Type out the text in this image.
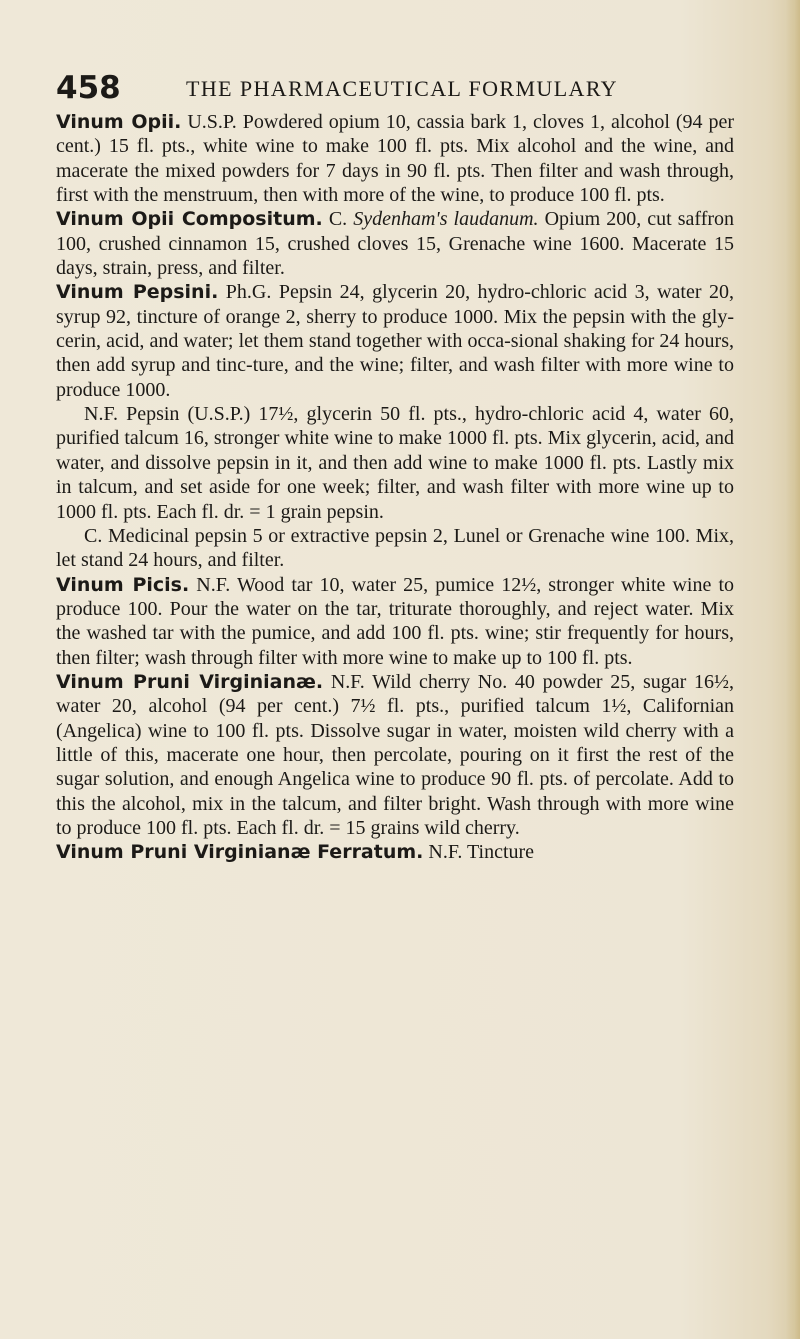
458	THE PHARMACEUTICAL FORMULARY

Vinum Opii. U.S.P. Powdered opium 10, cassia bark 1, cloves 1, alcohol (94 per cent.) 15 fl. pts., white wine to make 100 fl. pts. Mix alcohol and the wine, and macerate the mixed powders for 7 days in 90 fl. pts. Then filter and wash through, first with the menstruum, then with more of the wine, to produce 100 fl. pts.

Vinum Opii Compositum. C. Sydenham's laudanum. Opium 200, cut saffron 100, crushed cinnamon 15, crushed cloves 15, Grenache wine 1600. Macerate 15 days, strain, press, and filter.

Vinum Pepsini. Ph.G. Pepsin 24, glycerin 20, hydro-chloric acid 3, water 20, syrup 92, tincture of orange 2, sherry to produce 1000. Mix the pepsin with the gly-cerin, acid, and water; let them stand together with occa-sional shaking for 24 hours, then add syrup and tinc-ture, and the wine; filter, and wash filter with more wine to produce 1000.

N.F. Pepsin (U.S.P.) 17½, glycerin 50 fl. pts., hydro-chloric acid 4, water 60, purified talcum 16, stronger white wine to make 1000 fl. pts. Mix glycerin, acid, and water, and dissolve pepsin in it, and then add wine to make 1000 fl. pts. Lastly mix in talcum, and set aside for one week; filter, and wash filter with more wine up to 1000 fl. pts. Each fl. dr. = 1 grain pepsin.

C. Medicinal pepsin 5 or extractive pepsin 2, Lunel or Grenache wine 100. Mix, let stand 24 hours, and filter.

Vinum Picis. N.F. Wood tar 10, water 25, pumice 12½, stronger white wine to produce 100. Pour the water on the tar, triturate thoroughly, and reject water. Mix the washed tar with the pumice, and add 100 fl. pts. wine; stir frequently for hours, then filter; wash through filter with more wine to make up to 100 fl. pts.

Vinum Pruni Virginianæ. N.F. Wild cherry No. 40 powder 25, sugar 16½, water 20, alcohol (94 per cent.) 7½ fl. pts., purified talcum 1½, Californian (Angelica) wine to 100 fl. pts. Dissolve sugar in water, moisten wild cherry with a little of this, macerate one hour, then percolate, pouring on it first the rest of the sugar solution, and enough Angelica wine to produce 90 fl. pts. of percolate. Add to this the alcohol, mix in the talcum, and filter bright. Wash through with more wine to produce 100 fl. pts. Each fl. dr. = 15 grains wild cherry.

Vinum Pruni Virginianæ Ferratum. N.F. Tincture
